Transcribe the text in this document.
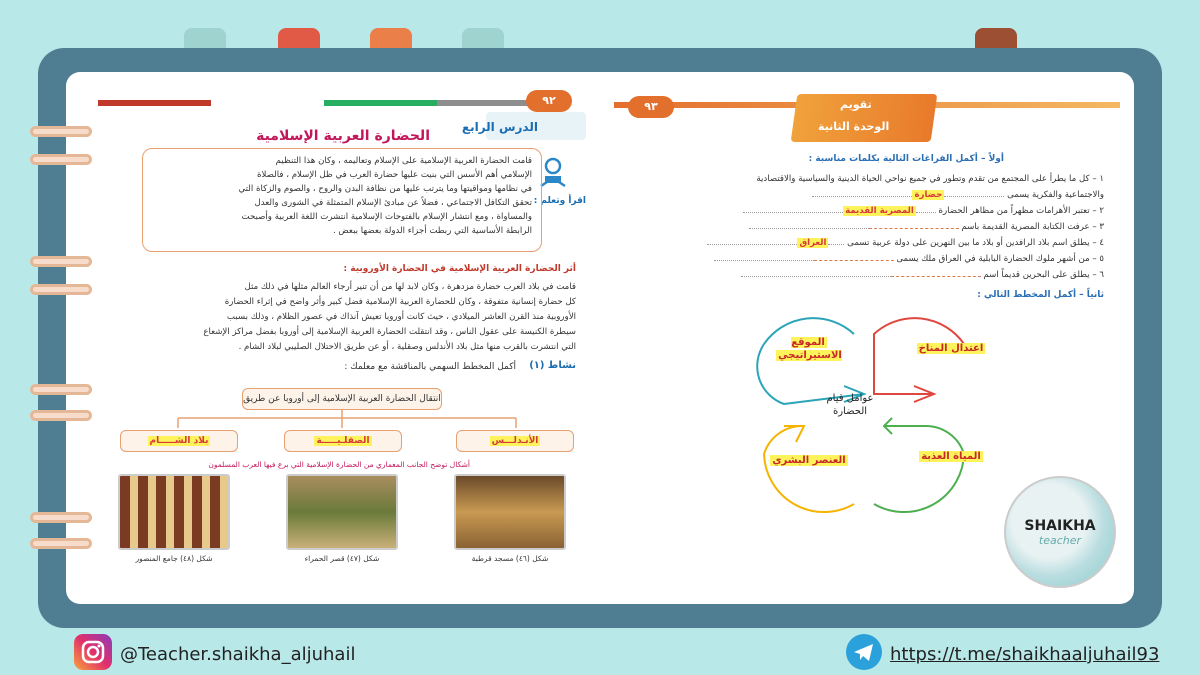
٩٢
الدرس الرابع
الحضارة العربية الإسلامية
اقرأ وتعلم :
قامت الحضارة العربية الإسلامية على الإسلام وتعاليمه ، وكان هذا التنظيم
الإسلامي أهم الأسس التي بنيت عليها حضارة العرب في ظل الإسلام ، فالصلاة
في نظامها ومواقيتها وما يترتب عليها من نظافة البدن والروح ، والصوم والزكاة التي
تحقق التكافل الاجتماعي ، فضلاً عن مبادئ الإسلام المتمثلة في الشورى والعدل
والمساواة ، ومع انتشار الإسلام بالفتوحات الإسلامية انتشرت اللغة العربية وأصبحت
الرابطة الأساسية التي ربطت أجزاء الدولة بعضها ببعض .
أثر الحضارة العربية الإسلامية في الحضارة الأوروبية :
قامت في بلاد العرب حضارة مزدهرة ، وكان لابد لها من أن تنير أرجاء العالم مثلها في ذلك مثل
كل حضارة إنسانية متفوقة ، وكان للحضارة العربية الإسلامية فضل كبير وأثر واضح في إثراء الحضارة
الأوروبية منذ القرن العاشر الميلادي ، حيث كانت أوروبا تعيش آنذاك في عصور الظلام ، وذلك بسبب
سيطرة الكنيسة على عقول الناس ، وقد انتقلت الحضارة العربية الإسلامية إلى أوروبا بفضل مراكز الإشعاع
التي انتشرت بالقرب منها مثل بلاد الأندلس وصقلية ، أو عن طريق الاحتلال الصليبي لبلاد الشام .
نشاط (١)
أكمل المخطط السهمي بالمناقشة مع معلمك :
انتقال الحضارة العربية الإسلامية إلى أوروبا عن طريق
الأنـدلـــس
الصقلـيـــــة
بلاد الشـــــام
أشكال توضح الجانب المعماري من الحضارة الإسلامية التي برع فيها العرب المسلمون
شكل (٤٦) مسجد قرطبة
شكل (٤٧) قصر الحمراء
شكل (٤٨) جامع المنصور
٩٣	تقويم
الوحدة الثانية
أولاً – أكمل الفراغات التالية بكلمات مناسبة :
١ – كل ما يطرأ على المجتمع من تقدم وتطور في جميع نواحي الحياة الدينية والسياسية والاقتصادية
والاجتماعية والفكرية يسمى حضارة
٢ – تعتبر الأهرامات مظهراً من مظاهر الحضارة المصرية القديمة
٣ – عرفت الكتابة المصرية القديمة باسم
٤ – يطلق اسم بلاد الرافدين أو بلاد ما بين النهرين على دولة عربية تسمى العراق
٥ – من أشهر ملوك الحضارة البابلية في العراق ملك يسمى
٦ – يطلق على البحرين قديماً اسم
ثانياً – أكمل المخطط التالي :
عوامل قيام الحضارة
اعتدال المناخ
الموقع الاستيراتيجي
المياة العذبة
العنصر البشري
SHAIKHA
teacher
@Teacher.shaikha_aljuhail	https://t.me/shaikhaaljuhail93
